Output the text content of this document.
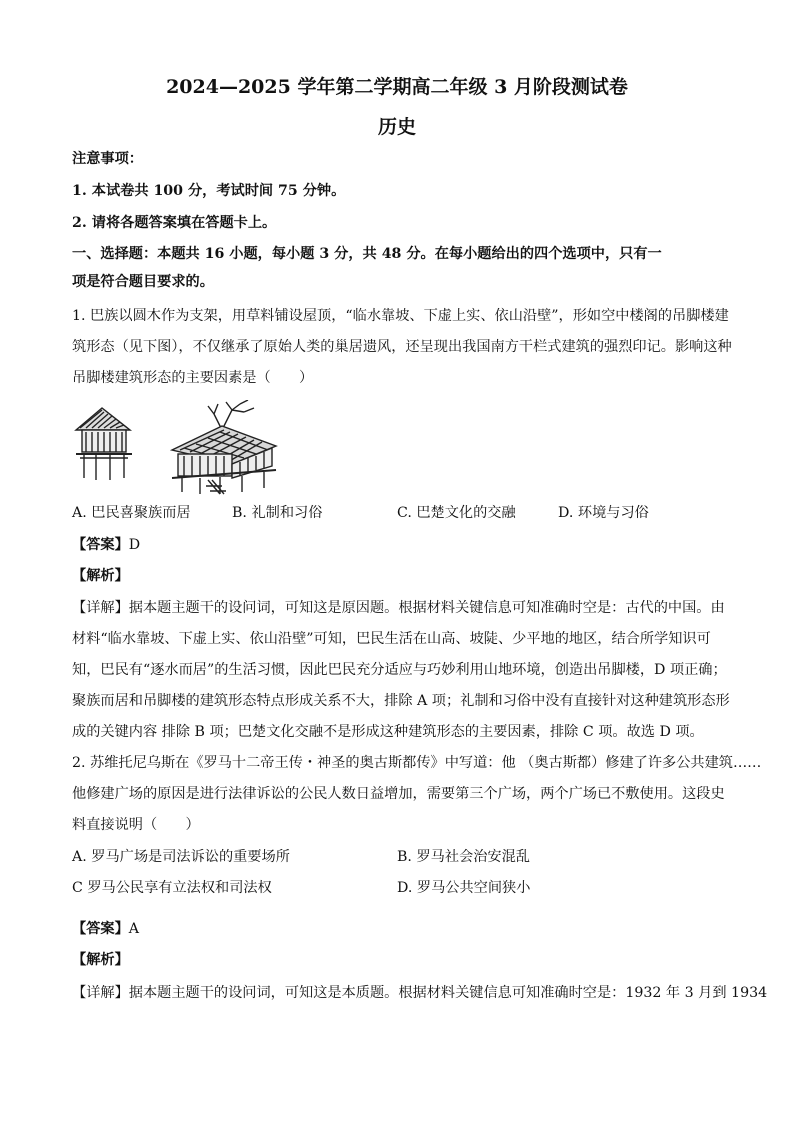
2024—2025 学年第二学期高二年级 3 月阶段测试卷
历史
注意事项：
1. 本试卷共 100 分，考试时间 75 分钟。
2. 请将各题答案填在答题卡上。
一、选择题：本题共 16 小题，每小题 3 分，共 48 分。在每小题给出的四个选项中，只有一
项是符合题目要求的。
1. 巴族以圆木作为支架，用草料铺设屋顶，“临水靠坡、下虚上实、依山沿壁”，形如空中楼阁的吊脚楼建
筑形态（见下图），不仅继承了原始人类的巢居遗风，还呈现出我国南方干栏式建筑的强烈印记。影响这种
吊脚楼建筑形态的主要因素是（　　）
A. 巴民喜聚族而居	B. 礼制和习俗	C. 巴楚文化的交融	D. 环境与习俗
【答案】D
【解析】
【详解】据本题主题干的设问词，可知这是原因题。根据材料关键信息可知准确时空是：古代的中国。由
材料“临水靠坡、下虚上实、依山沿壁”可知，巴民生活在山高、坡陡、少平地的地区，结合所学知识可
知，巴民有“逐水而居”的生活习惯，因此巴民充分适应与巧妙利用山地环境，创造出吊脚楼，D 项正确；
聚族而居和吊脚楼的建筑形态特点形成关系不大，排除 A 项；礼制和习俗中没有直接针对这种建筑形态形
成的关键内容 排除 B 项；巴楚文化交融不是形成这种建筑形态的主要因素，排除 C 项。故选 D 项。
2. 苏维托尼乌斯在《罗马十二帝王传・神圣的奥古斯都传》中写道：他 （奥古斯都）修建了许多公共建筑……
他修建广场的原因是进行法律诉讼的公民人数日益增加，需要第三个广场，两个广场已不敷使用。这段史
料直接说明（　　）
A. 罗马广场是司法诉讼的重要场所	B. 罗马社会治安混乱
C 罗马公民享有立法权和司法权	D. 罗马公共空间狭小
【答案】A
【解析】
【详解】据本题主题干的设问词，可知这是本质题。根据材料关键信息可知准确时空是：1932 年 3 月到 1934
